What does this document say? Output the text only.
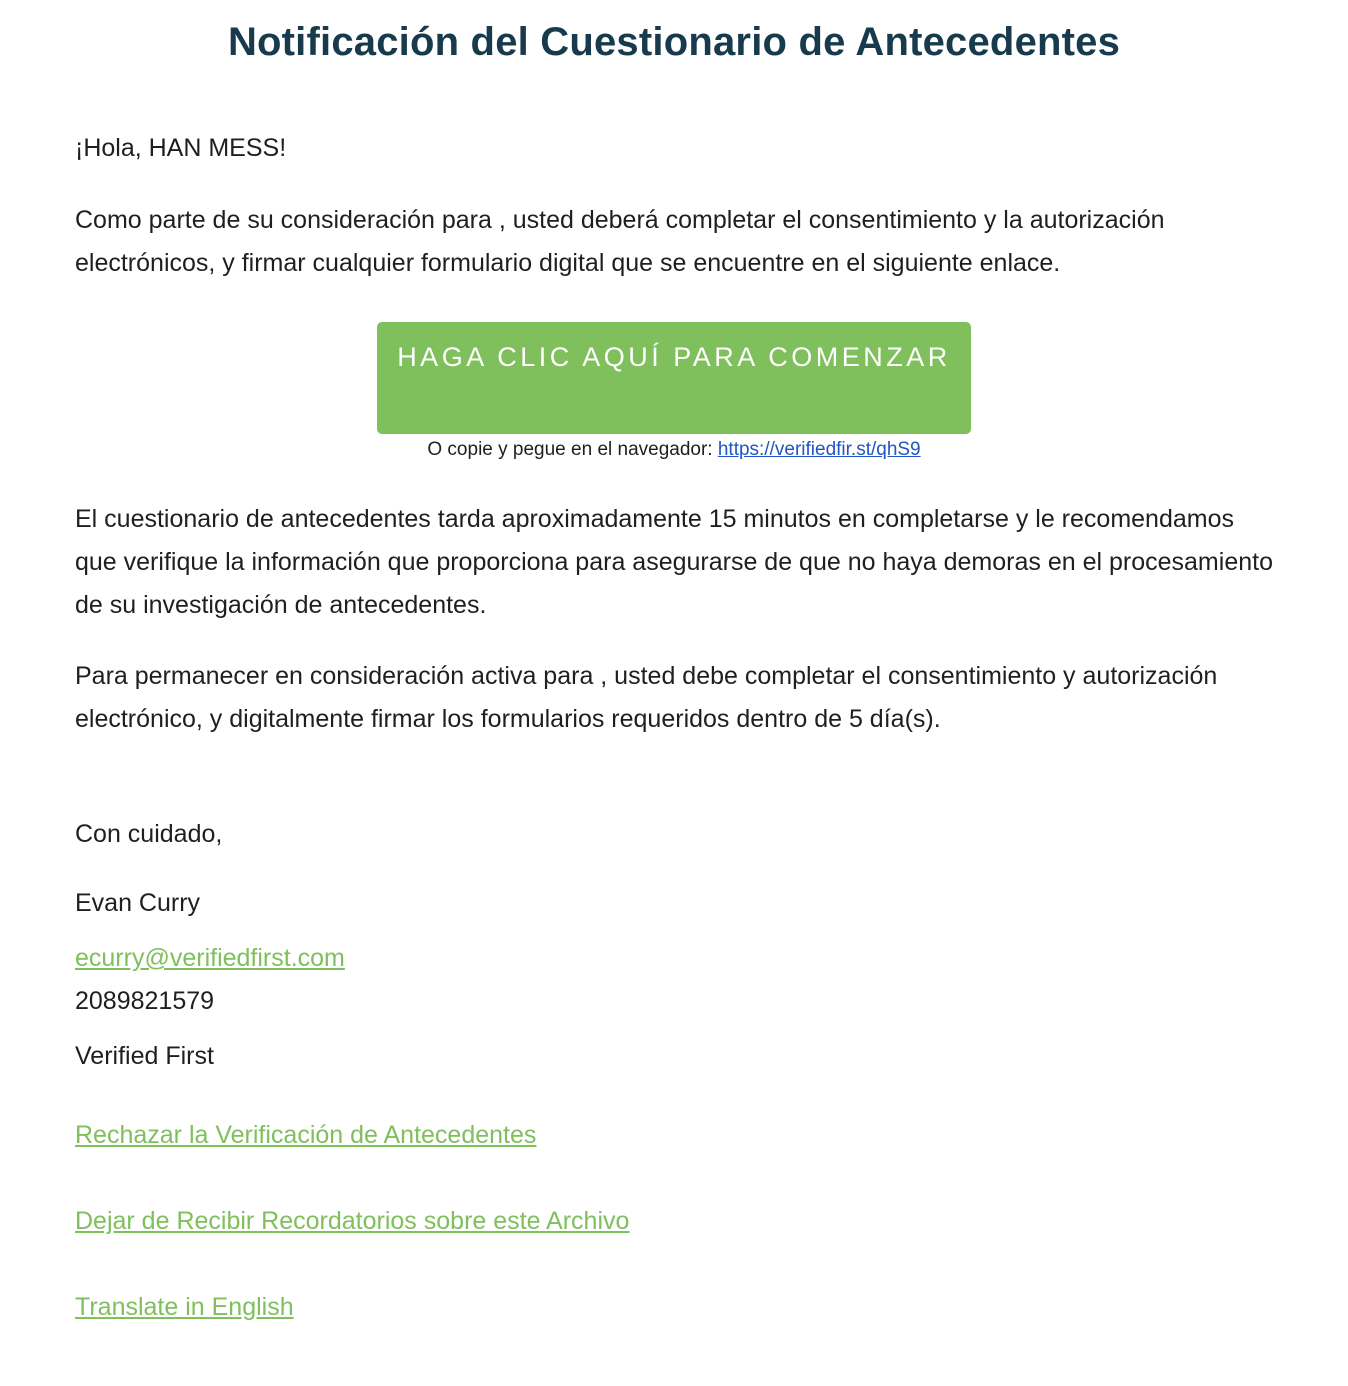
Notificación del Cuestionario de Antecedentes

¡Hola, HAN MESS!

Como parte de su consideración para , usted deberá completar el consentimiento y la autorización electrónicos, y firmar cualquier formulario digital que se encuentre en el siguiente enlace.

HAGA CLIC AQUÍ PARA COMENZAR
O copie y pegue en el navegador: https://verifiedfir.st/qhS9

El cuestionario de antecedentes tarda aproximadamente 15 minutos en completarse y le recomendamos que verifique la información que proporciona para asegurarse de que no haya demoras en el procesamiento de su investigación de antecedentes.

Para permanecer en consideración activa para , usted debe completar el consentimiento y autorización electrónico, y digitalmente firmar los formularios requeridos dentro de 5 día(s).

Con cuidado,

Evan Curry

ecurry@verifiedfirst.com

2089821579

Verified First

Rechazar la Verificación de Antecedentes
Dejar de Recibir Recordatorios sobre este Archivo
Translate in English
